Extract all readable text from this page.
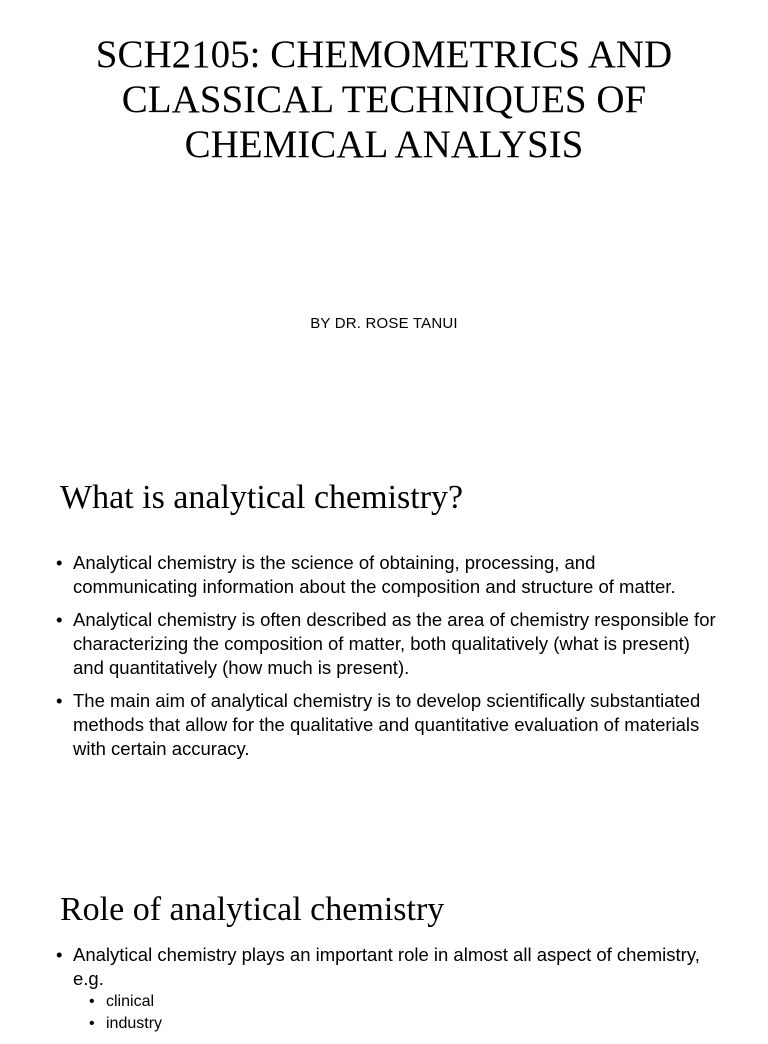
SCH2105: CHEMOMETRICS AND
CLASSICAL TECHNIQUES OF
CHEMICAL ANALYSIS
BY DR. ROSE TANUI
What is analytical chemistry?
• Analytical chemistry is the science of obtaining, processing, and communicating information about the composition and structure of matter.
• Analytical chemistry is often described as the area of chemistry responsible for characterizing the composition of matter, both qualitatively (what is present) and quantitatively (how much is present).
• The main aim of analytical chemistry is to develop scientifically substantiated methods that allow for the qualitative and quantitative evaluation of materials with certain accuracy.
Role of analytical chemistry
• Analytical chemistry plays an important role in almost all aspect of chemistry, e.g.
• clinical
• industry
